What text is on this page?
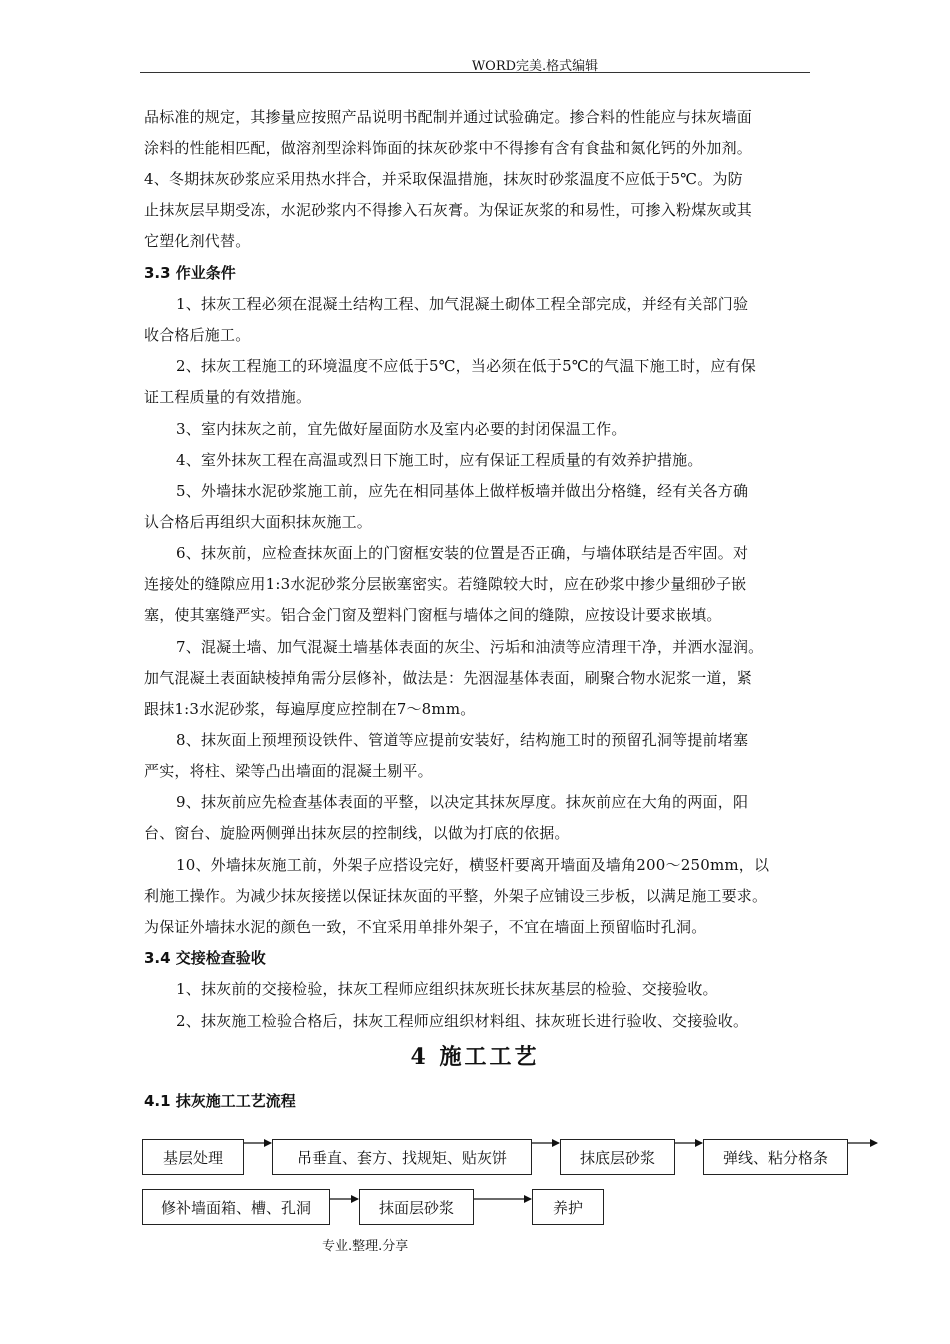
WORD完美.格式编辑
品标准的规定，其掺量应按照产品说明书配制并通过试验确定。掺合料的性能应与抹灰墙面
涂料的性能相匹配，做溶剂型涂料饰面的抹灰砂浆中不得掺有含有食盐和氮化钙的外加剂。
4、冬期抹灰砂浆应采用热水拌合，并采取保温措施，抹灰时砂浆温度不应低于5℃。为防
止抹灰层早期受冻，水泥砂浆内不得掺入石灰膏。为保证灰浆的和易性，可掺入粉煤灰或其
它塑化剂代替。
3.3 作业条件
1、抹灰工程必须在混凝土结构工程、加气混凝土砌体工程全部完成，并经有关部门验
收合格后施工。
2、抹灰工程施工的环境温度不应低于5℃，当必须在低于5℃的气温下施工时，应有保
证工程质量的有效措施。
3、室内抹灰之前，宜先做好屋面防水及室内必要的封闭保温工作。
4、室外抹灰工程在高温或烈日下施工时，应有保证工程质量的有效养护措施。
5、外墙抹水泥砂浆施工前，应先在相同基体上做样板墙并做出分格缝，经有关各方确
认合格后再组织大面积抹灰施工。
6、抹灰前，应检查抹灰面上的门窗框安装的位置是否正确，与墙体联结是否牢固。对
连接处的缝隙应用1:3水泥砂浆分层嵌塞密实。若缝隙较大时，应在砂浆中掺少量细砂子嵌
塞，使其塞缝严实。铝合金门窗及塑料门窗框与墙体之间的缝隙，应按设计要求嵌填。
7、混凝土墙、加气混凝土墙基体表面的灰尘、污垢和油渍等应清理干净，并洒水湿润。
加气混凝土表面缺棱掉角需分层修补，做法是：先洇湿基体表面，刷聚合物水泥浆一道，紧
跟抹1:3水泥砂浆，每遍厚度应控制在7～8mm。
8、抹灰面上预埋预设铁件、管道等应提前安装好，结构施工时的预留孔洞等提前堵塞
严实，将柱、梁等凸出墙面的混凝土剔平。
9、抹灰前应先检查基体表面的平整，以决定其抹灰厚度。抹灰前应在大角的两面，阳
台、窗台、旋脸两侧弹出抹灰层的控制线，以做为打底的依据。
10、外墙抹灰施工前，外架子应搭设完好，横竖杆要离开墙面及墙角200～250mm，以
利施工操作。为减少抹灰接搓以保证抹灰面的平整，外架子应铺设三步板，以满足施工要求。
为保证外墙抹水泥的颜色一致，不宜采用单排外架子，不宜在墙面上预留临时孔洞。
3.4 交接检查验收
1、抹灰前的交接检验，抹灰工程师应组织抹灰班长抹灰基层的检验、交接验收。
2、抹灰施工检验合格后，抹灰工程师应组织材料组、抹灰班长进行验收、交接验收。
4 施工工艺
4.1 抹灰施工工艺流程
基层处理	吊垂直、套方、找规矩、贴灰饼	抹底层砂浆	弹线、粘分格条
修补墙面箱、槽、孔洞	抹面层砂浆	养护
专业.整理.分享
